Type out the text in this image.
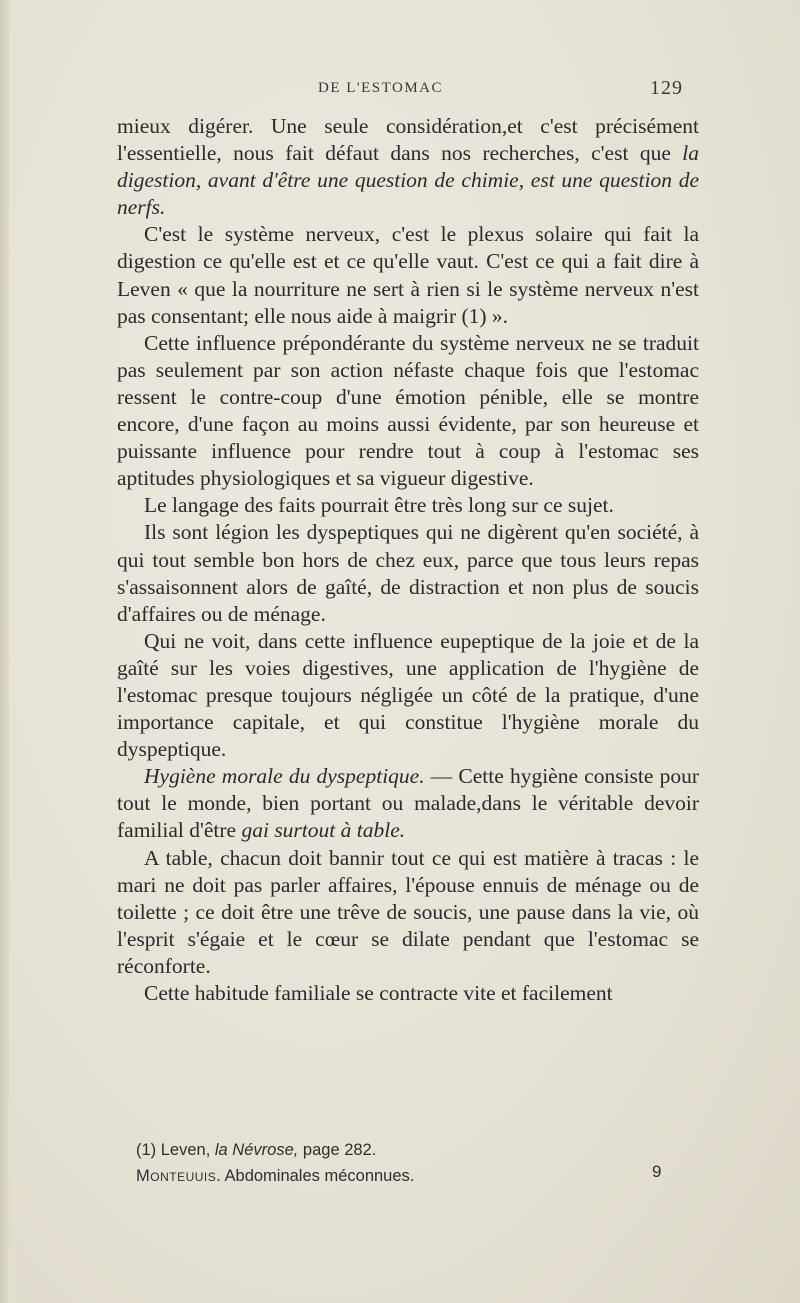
DE L'ESTOMAC	129

mieux digérer. Une seule considération,et c'est précisément l'essentielle, nous fait défaut dans nos recherches, c'est que la digestion, avant d'être une question de chimie, est une question de nerfs.

C'est le système nerveux, c'est le plexus solaire qui fait la digestion ce qu'elle est et ce qu'elle vaut. C'est ce qui a fait dire à Leven « que la nourriture ne sert à rien si le système nerveux n'est pas consentant; elle nous aide à maigrir (1) ».

Cette influence prépondérante du système nerveux ne se traduit pas seulement par son action néfaste chaque fois que l'estomac ressent le contre-coup d'une émotion pénible, elle se montre encore, d'une façon au moins aussi évidente, par son heureuse et puissante influence pour rendre tout à coup à l'estomac ses aptitudes physiologiques et sa vigueur digestive.

Le langage des faits pourrait être très long sur ce sujet.

Ils sont légion les dyspeptiques qui ne digèrent qu'en société, à qui tout semble bon hors de chez eux, parce que tous leurs repas s'assaisonnent alors de gaîté, de distraction et non plus de soucis d'affaires ou de ménage.

Qui ne voit, dans cette influence eupeptique de la joie et de la gaîté sur les voies digestives, une application de l'hygiène de l'estomac presque toujours négligée un côté de la pratique, d'une importance capitale, et qui constitue l'hygiène morale du dyspeptique.

Hygiène morale du dyspeptique. — Cette hygiène consiste pour tout le monde, bien portant ou malade,dans le véritable devoir familial d'être gai surtout à table.

A table, chacun doit bannir tout ce qui est matière à tracas : le mari ne doit pas parler affaires, l'épouse ennuis de ménage ou de toilette ; ce doit être une trêve de soucis, une pause dans la vie, où l'esprit s'égaie et le cœur se dilate pendant que l'estomac se réconforte.

Cette habitude familiale se contracte vite et facilement

(1) Leven, la Névrose, page 282.
Monteuuis. Abdominales méconnues.	9
